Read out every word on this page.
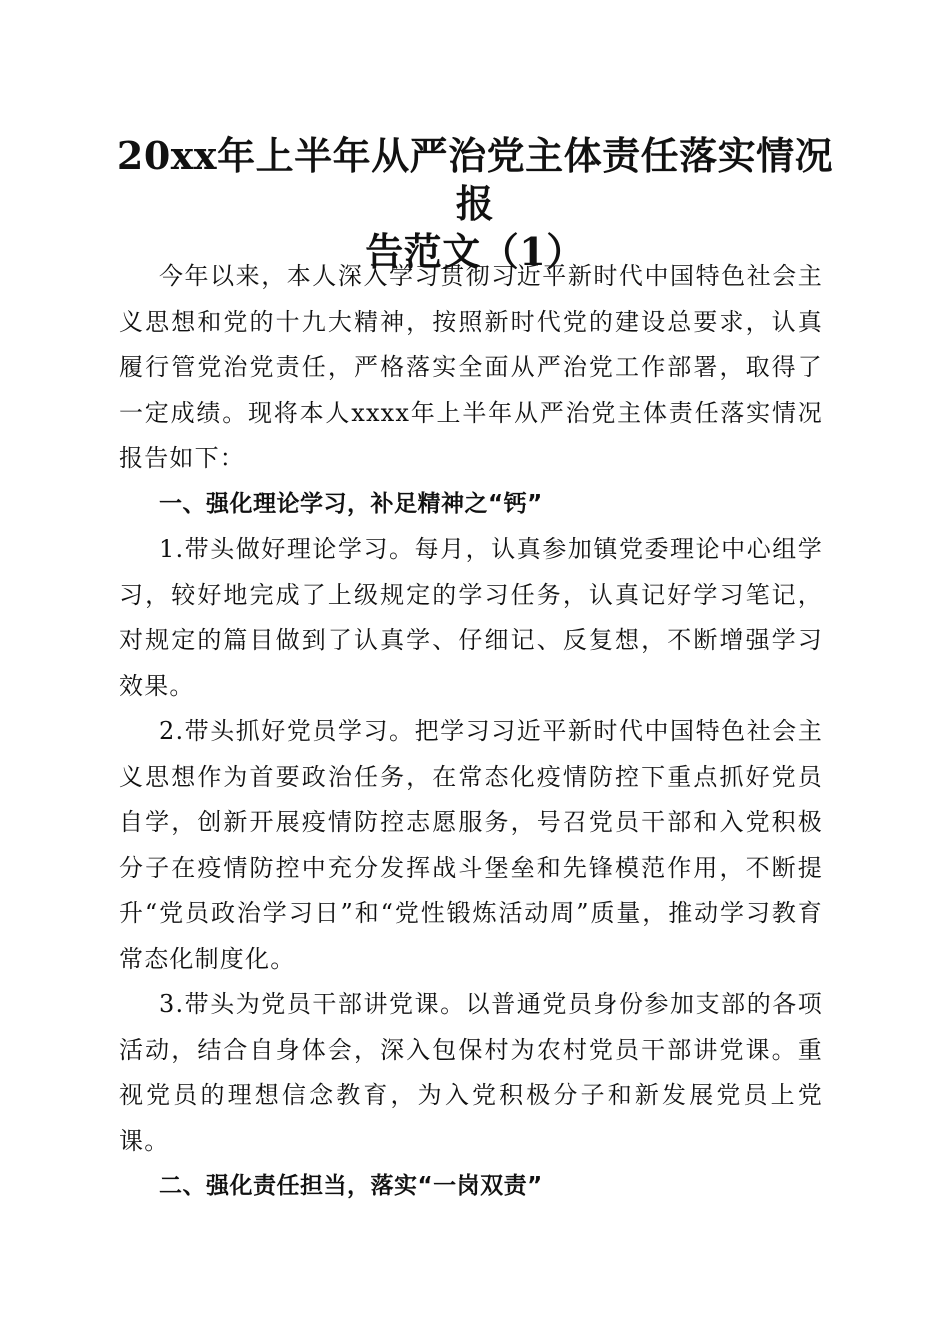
20xx年上半年从严治党主体责任落实情况报
告范文（1）

今年以来，本人深入学习贯彻习近平新时代中国特色社会主义思想和党的十九大精神，按照新时代党的建设总要求，认真履行管党治党责任，严格落实全面从严治党工作部署，取得了一定成绩。现将本人xxxx年上半年从严治党主体责任落实情况报告如下：

一、强化理论学习，补足精神之“钙”

1.带头做好理论学习。每月，认真参加镇党委理论中心组学习，较好地完成了上级规定的学习任务，认真记好学习笔记，对规定的篇目做到了认真学、仔细记、反复想，不断增强学习效果。

2.带头抓好党员学习。把学习习近平新时代中国特色社会主义思想作为首要政治任务，在常态化疫情防控下重点抓好党员自学，创新开展疫情防控志愿服务，号召党员干部和入党积极分子在疫情防控中充分发挥战斗堡垒和先锋模范作用，不断提升“党员政治学习日”和“党性锻炼活动周”质量，推动学习教育常态化制度化。

3.带头为党员干部讲党课。以普通党员身份参加支部的各项活动，结合自身体会，深入包保村为农村党员干部讲党课。重视党员的理想信念教育，为入党积极分子和新发展党员上党课。

二、强化责任担当，落实“一岗双责”
